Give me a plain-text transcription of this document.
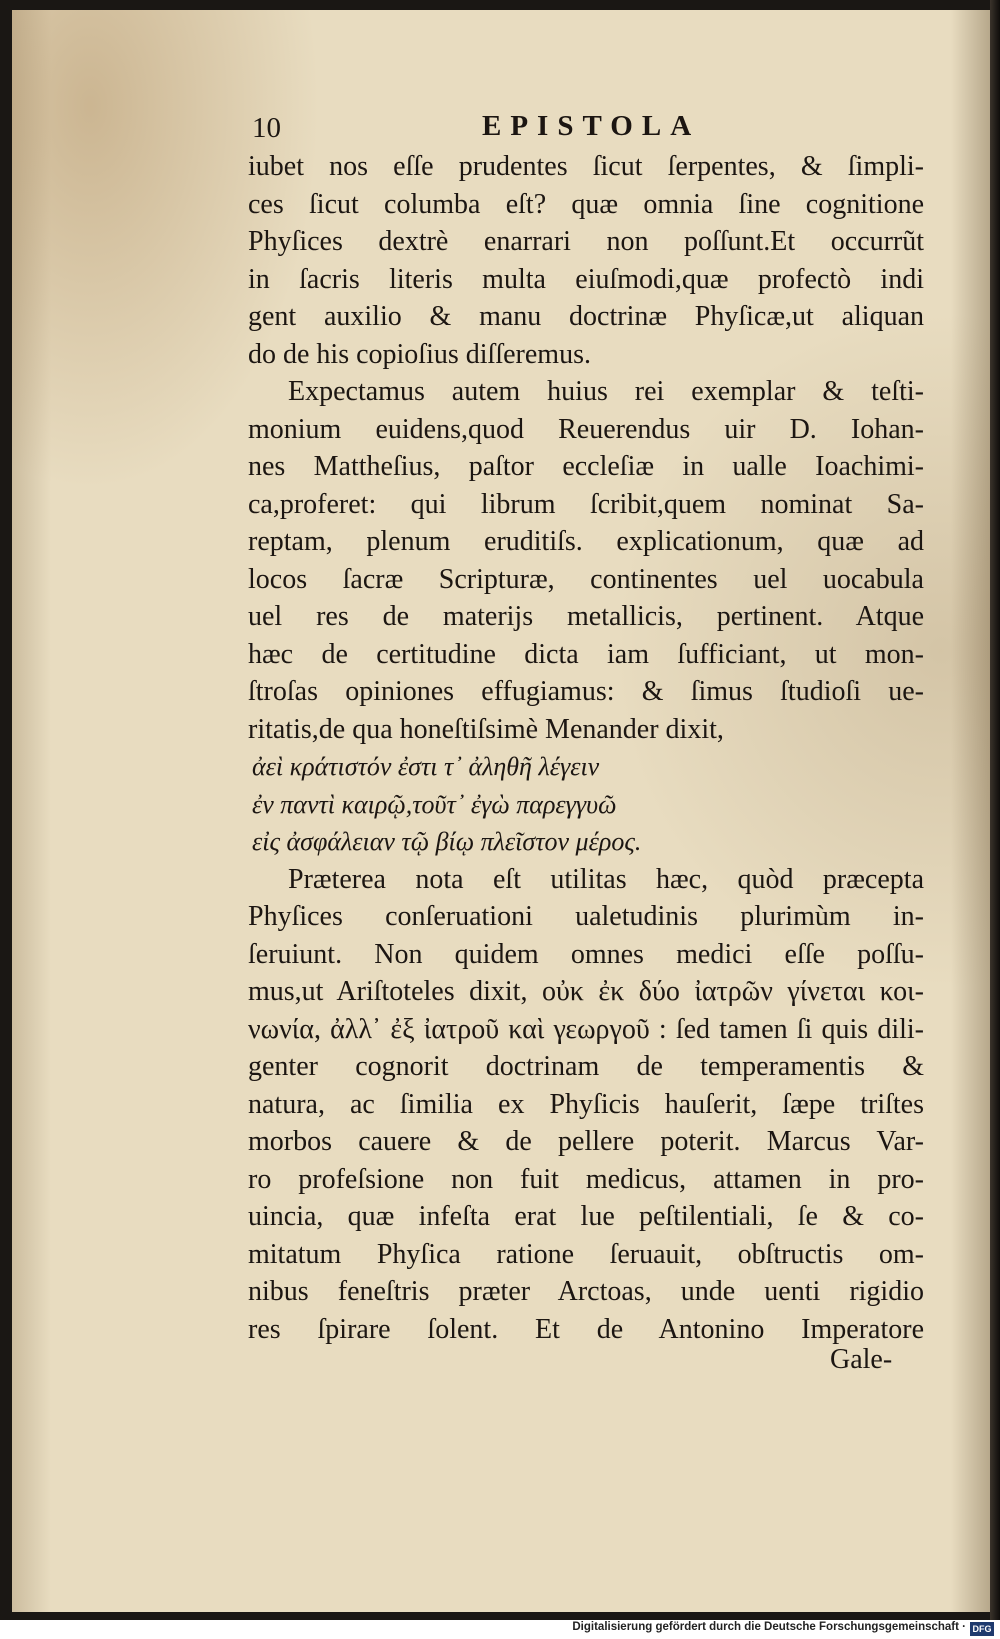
10	EPISTOLA
iubet nos eſſe prudentes ſicut ſerpentes, & ſimpli-
ces ſicut columba eſt? quæ omnia ſine cognitione
Phyſices dextrè enarrari non poſſunt.Et occurrũt
in ſacris literis multa eiuſmodi,quæ profectò indi
gent auxilio & manu doctrinæ Phyſicæ,ut aliquan
do de his copioſius diſſeremus.
Expectamus autem huius rei exemplar & teſti-
monium euidens,quod Reuerendus uir D. Iohan-
nes Mattheſius, paſtor eccleſiæ in ualle Ioachimi-
ca,proferet: qui librum ſcribit,quem nominat Sa-
reptam, plenum eruditiſs. explicationum, quæ ad
locos ſacræ Scripturæ, continentes uel uocabula
uel res de materijs metallicis, pertinent. Atque
hæc de certitudine dicta iam ſufficiant, ut mon-
ſtroſas opiniones effugiamus: & ſimus ſtudioſi ue-
ritatis,de qua honeſtiſsimè Menander dixit,
ἀεὶ κράτιστόν ἐστι τ᾽ ἀληθῆ λέγειν
ἐν παντὶ καιρῷ,τοῦτ᾽ ἐγὼ παρεγγυῶ
εἰς ἀσφάλειαν τῷ βίῳ πλεῖστον μέρος.
Præterea nota eſt utilitas hæc, quòd præcepta
Phyſices conſeruationi ualetudinis plurimùm in-
ſeruiunt. Non quidem omnes medici eſſe poſſu-
mus,ut Ariſtoteles dixit, οὐκ ἐκ δύο ἰατρῶν γίνεται κοι-
νωνία, ἀλλ᾽ ἐξ ἰατροῦ καὶ γεωργοῦ : ſed tamen ſi quis dili-
genter cognorit doctrinam de temperamentis &
natura, ac ſimilia ex Phyſicis hauſerit, ſæpe triſtes
morbos cauere & de pellere poterit. Marcus Var-
ro profeſsione non fuit medicus, attamen in pro-
uincia, quæ infeſta erat lue peſtilentiali, ſe & co-
mitatum Phyſica ratione ſeruauit, obſtructis om-
nibus feneſtris præter Arctoas, unde uenti rigidio
res ſpirare ſolent. Et de Antonino Imperatore
Gale-
Digitalisierung gefördert durch die Deutsche Forschungsgemeinschaft · DFG
